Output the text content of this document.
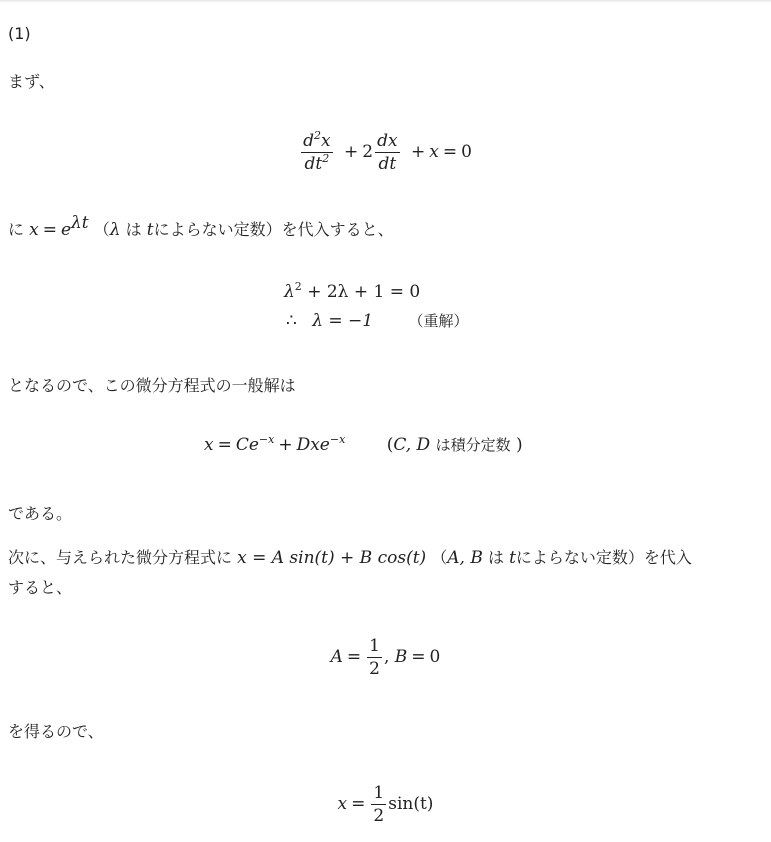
(1)
まず、
$\frac{d^2x}{dt^2} + 2 \frac{dx}{dt} + x = 0$
に $x = e^{\lambda t}$ （λ は tによらない定数）を代入すると、
$\lambda^2 + 2\lambda + 1 = 0$
∴ λ = −1 （重解）
となるので、この微分方程式の一般解は
$x = Ce^{-x} + Dxe^{-x}$ (C, D は積分定数 )
である。
次に、与えられた微分方程式に x = A sin(t) + B cos(t) （A, B は tによらない定数）を代入
すると、
$A = \frac{1}{2}$ , B = 0
を得るので、
$x = \frac{1}{2} \sin(t)$
